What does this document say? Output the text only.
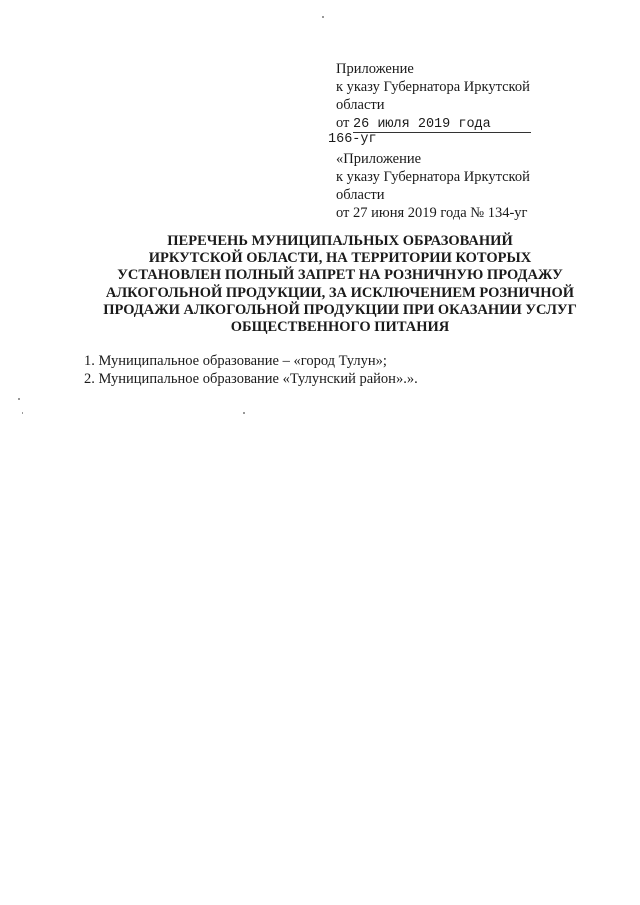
Приложение
к указу Губернатора Иркутской
области
от 26 июля 2019 года
166-уг
«Приложение
к указу Губернатора Иркутской
области
от 27 июня 2019 года № 134-уг
ПЕРЕЧЕНЬ МУНИЦИПАЛЬНЫХ ОБРАЗОВАНИЙ
ИРКУТСКОЙ ОБЛАСТИ, НА ТЕРРИТОРИИ КОТОРЫХ
УСТАНОВЛЕН ПОЛНЫЙ ЗАПРЕТ НА РОЗНИЧНУЮ ПРОДАЖУ
АЛКОГОЛЬНОЙ ПРОДУКЦИИ, ЗА ИСКЛЮЧЕНИЕМ РОЗНИЧНОЙ
ПРОДАЖИ АЛКОГОЛЬНОЙ ПРОДУКЦИИ ПРИ ОКАЗАНИИ УСЛУГ
ОБЩЕСТВЕННОГО ПИТАНИЯ
1. Муниципальное образование – «город Тулун»;
2. Муниципальное образование «Тулунский район».».
